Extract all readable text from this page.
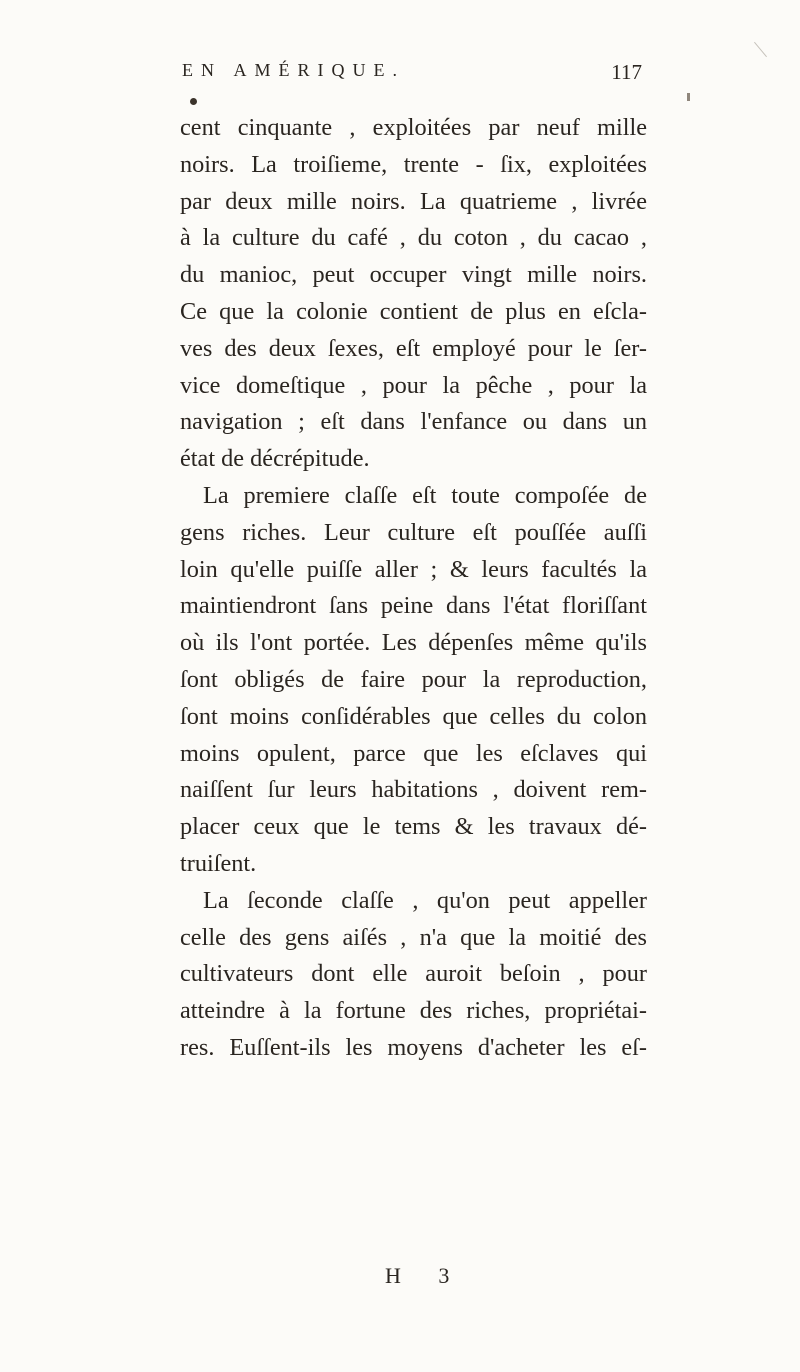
EN AMÉRIQUE.	117
cent cinquante , exploitées par neuf mille
noirs. La troiſieme, trente - ſix, exploitées
par deux mille noirs. La quatrieme , livrée
à la culture du café , du coton , du cacao ,
du manioc, peut occuper vingt mille noirs.
Ce que la colonie contient de plus en eſcla-
ves des deux ſexes, eſt employé pour le ſer-
vice domeſtique , pour la pêche , pour la
navigation ; eſt dans l'enfance ou dans un
état de décrépitude.
La premiere claſſe eſt toute compoſée de
gens riches. Leur culture eſt pouſſée auſſi
loin qu'elle puiſſe aller ; & leurs facultés la
maintiendront ſans peine dans l'état floriſſant
où ils l'ont portée. Les dépenſes même qu'ils
ſont obligés de faire pour la reproduction,
ſont moins conſidérables que celles du colon
moins opulent, parce que les eſclaves qui
naiſſent ſur leurs habitations , doivent rem-
placer ceux que le tems & les travaux dé-
truiſent.
La ſeconde claſſe , qu'on peut appeller
celle des gens aiſés , n'a que la moitié des
cultivateurs dont elle auroit beſoin , pour
atteindre à la fortune des riches, propriétai-
res. Euſſent-ils les moyens d'acheter les eſ-
H 3
